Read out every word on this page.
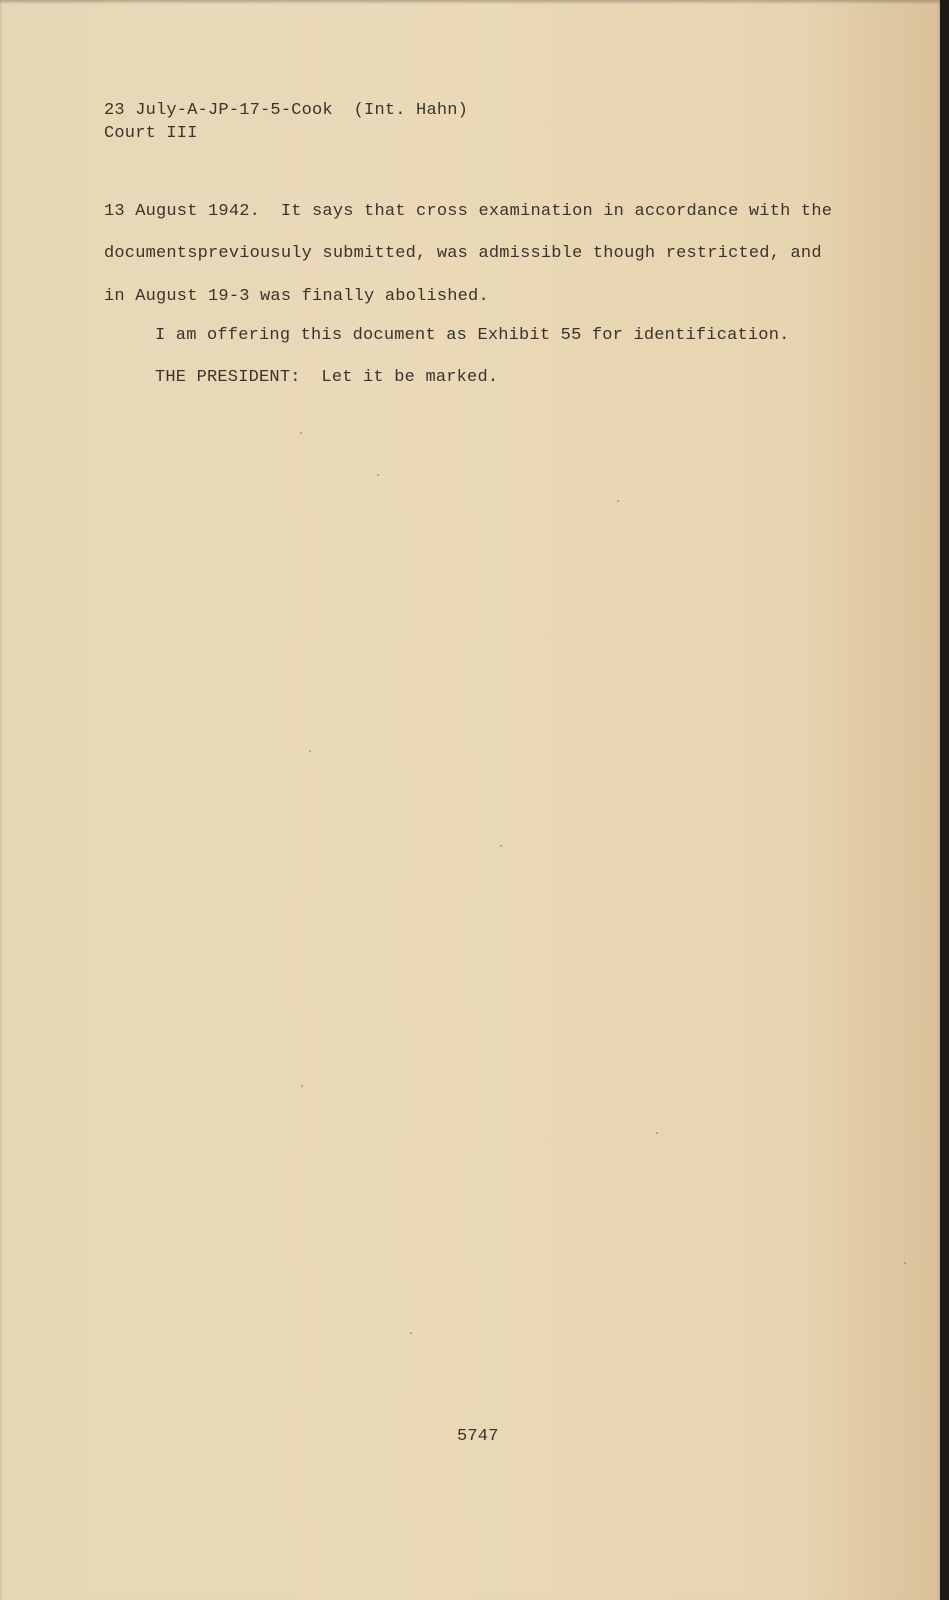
23 July-A-JP-17-5-Cook  (Int. Hahn)
Court III
13 August 1942.  It says that cross examination in accordance with the
documentspreviousuly submitted, was admissible though restricted, and
in August 19-3 was finally abolished.
I am offering this document as Exhibit 55 for identification.
THE PRESIDENT:  Let it be marked.
5747
